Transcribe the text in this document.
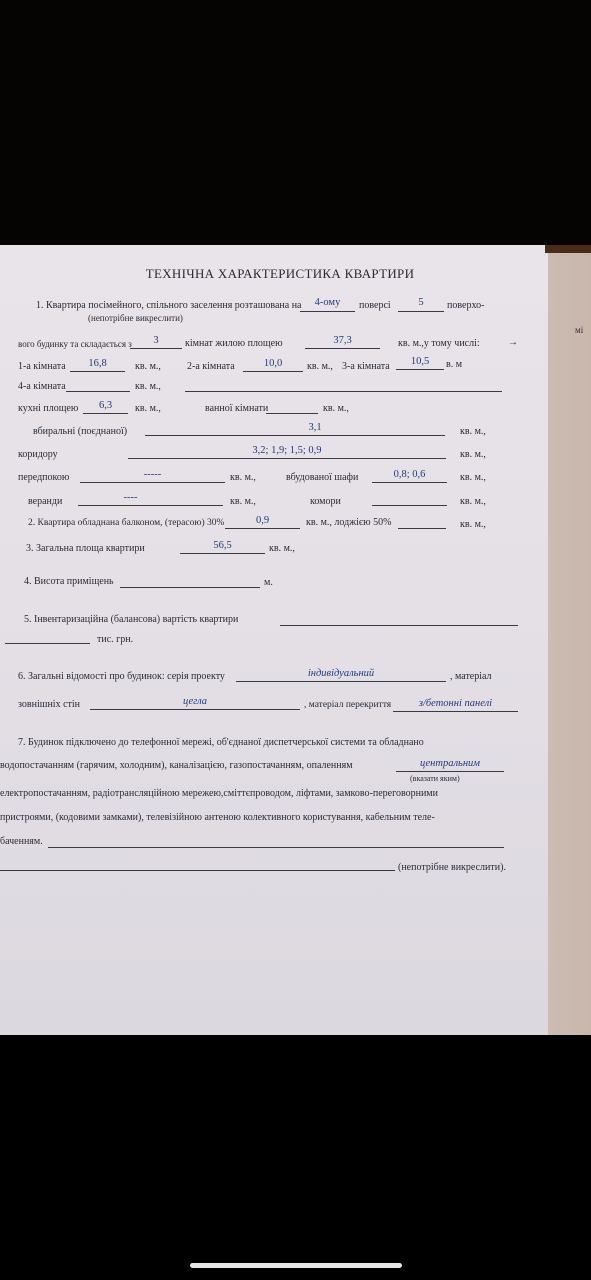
мі
ТЕХНІЧНА ХАРАКТЕРИСТИКА КВАРТИРИ
1. Квартира посімейного, спільного заселення розташована на	4-ому	поверсі	5	поверхо-
(непотрібне викреслити)
вого будинку та складається з	3	кімнат жилою площею	37,3	кв. м.,у тому числі:	→
1-а кімната	16,8	кв. м.,	2-а кімната	10,0	кв. м., 3-а кімната	10,5	в. м
4-а кімната	кв. м.,
кухні площею	6,3	кв. м.,	ванної кімнати	кв. м.,
вбиральні (поєднаної)	3,1	кв. м.,
коридору	3,2; 1,9; 1,5; 0,9	кв. м.,
передпокою	-----	кв. м.,	вбудованої шафи	0,8; 0,6	кв. м.,
веранди	----	кв. м.,	комори	кв. м.,
2. Квартира обладнана балконом, (терасою) 30%	0,9	кв. м., лоджією 50%	кв. м.,
3. Загальна площа квартири	56,5	кв. м.,
4. Висота приміщень	м.
5. Інвентаризаційна (балансова) вартість квартири
тис. грн.
6. Загальні відомості про будинок: серія проекту	індивідуальний	, матеріал
зовнішніх стін	цегла	, матеріал перекриття	з/бетонні панелі
7. Будинок підключено до телефонної мережі, об'єднаної диспетчерської системи та обладнано
водопостачанням (гарячим, холодним), каналізацією, газопостачанням, опаленням	центральним
(вказати яким)
електропостачанням, радіотрансляційною мережею,сміттєпроводом, ліфтами, замково-переговорними
пристроями, (кодовими замками), телевізійною антеною колективного користування, кабельним теле-
баченням.
(непотрібне викреслити).
